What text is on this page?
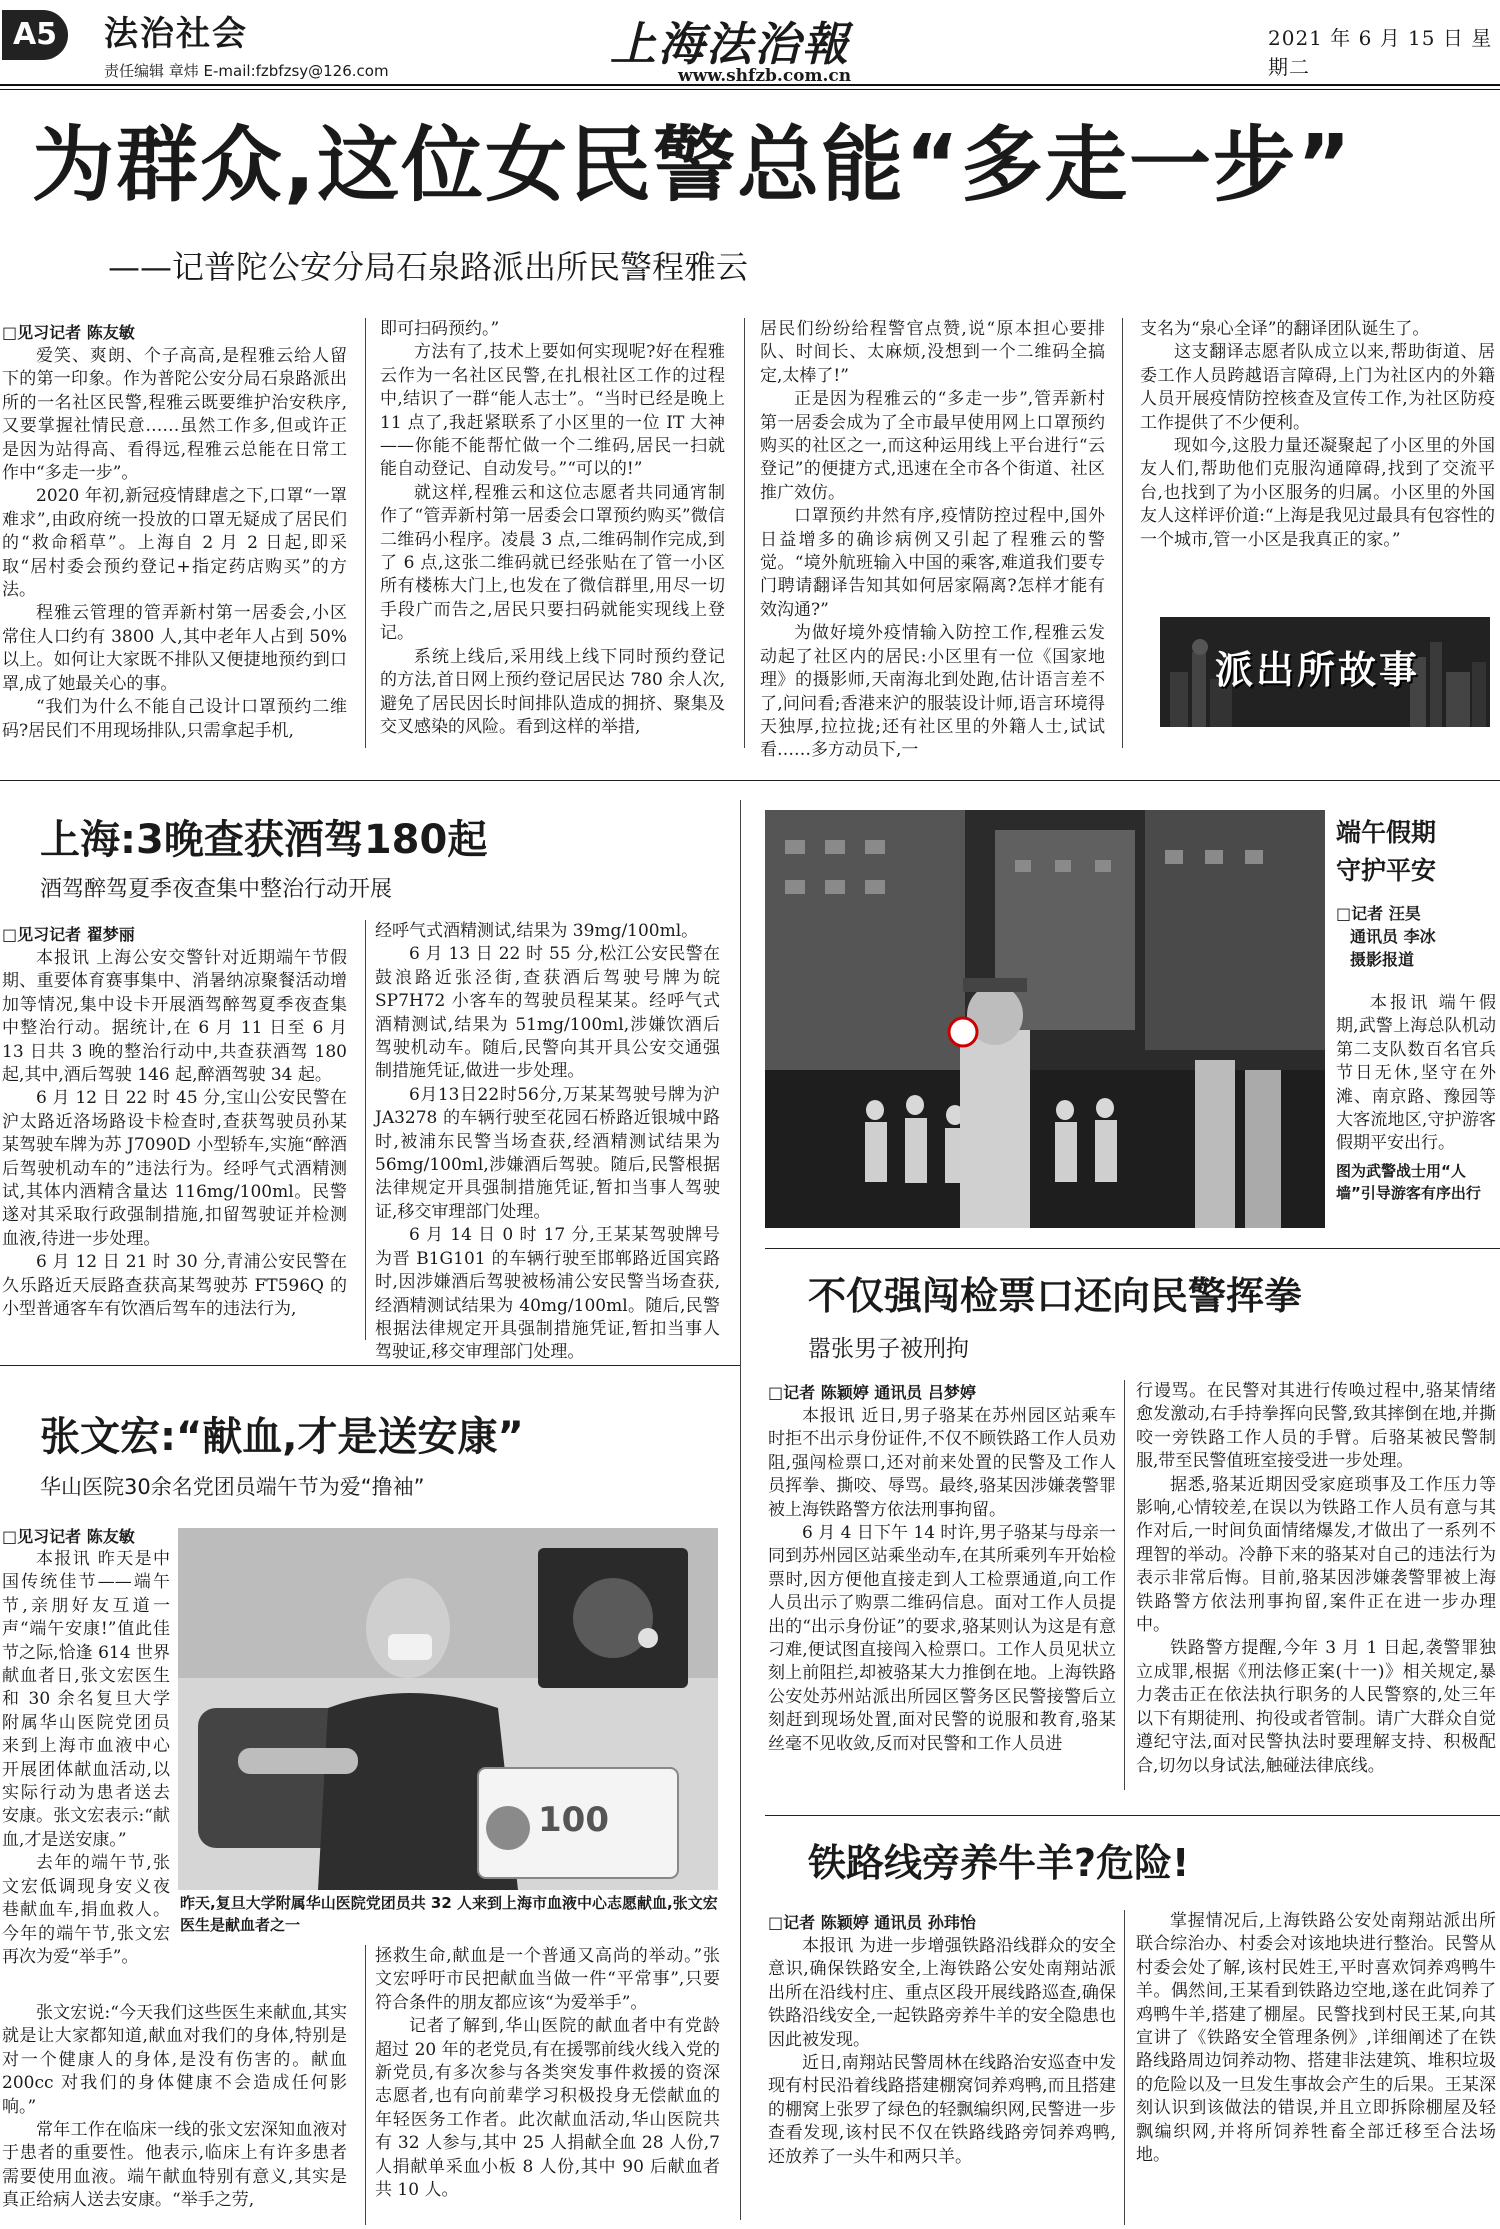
A5	法治社会
责任编辑 章炜 E-mail:fzbfzsy@126.com	上海法治報
www.shfzb.com.cn
2021 年 6 月 15 日 星期二
为群众,这位女民警总能“多走一步”
——记普陀公安分局石泉路派出所民警程雅云
□见习记者 陈友敏

爱笑、爽朗、个子高高,是程雅云给人留下的第一印象。作为普陀公安分局石泉路派出所的一名社区民警,程雅云既要维护治安秩序,又要掌握社情民意……虽然工作多,但或许正是因为站得高、看得远,程雅云总能在日常工作中“多走一步”。

2020 年初,新冠疫情肆虐之下,口罩“一罩难求”,由政府统一投放的口罩无疑成了居民们的“救命稻草”。上海自 2 月 2 日起,即采取“居村委会预约登记+指定药店购买”的方法。

程雅云管理的管弄新村第一居委会,小区常住人口约有 3800 人,其中老年人占到 50%以上。如何让大家既不排队又便捷地预约到口罩,成了她最关心的事。

“我们为什么不能自己设计口罩预约二维码?居民们不用现场排队,只需拿起手机,

即可扫码预约。”

方法有了,技术上要如何实现呢?好在程雅云作为一名社区民警,在扎根社区工作的过程中,结识了一群“能人志士”。“当时已经是晚上 11 点了,我赶紧联系了小区里的一位 IT 大神——你能不能帮忙做一个二维码,居民一扫就能自动登记、自动发号。”“可以的!”

就这样,程雅云和这位志愿者共同通宵制作了“管弄新村第一居委会口罩预约购买”微信二维码小程序。凌晨 3 点,二维码制作完成,到了 6 点,这张二维码就已经张贴在了管一小区所有楼栋大门上,也发在了微信群里,用尽一切手段广而告之,居民只要扫码就能实现线上登记。

系统上线后,采用线上线下同时预约登记的方法,首日网上预约登记居民达 780 余人次,避免了居民因长时间排队造成的拥挤、聚集及交叉感染的风险。看到这样的举措,

居民们纷纷给程警官点赞,说“原本担心要排队、时间长、太麻烦,没想到一个二维码全搞定,太棒了!”

正是因为程雅云的“多走一步”,管弄新村第一居委会成为了全市最早使用网上口罩预约购买的社区之一,而这种运用线上平台进行“云登记”的便捷方式,迅速在全市各个街道、社区推广效仿。

口罩预约井然有序,疫情防控过程中,国外日益增多的确诊病例又引起了程雅云的警觉。“境外航班输入中国的乘客,难道我们要专门聘请翻译告知其如何居家隔离?怎样才能有效沟通?”

为做好境外疫情输入防控工作,程雅云发动起了社区内的居民:小区里有一位《国家地理》的摄影师,天南海北到处跑,估计语言差不了,问问看;香港来沪的服装设计师,语言环境得天独厚,拉拉拢;还有社区里的外籍人士,试试看……多方动员下,一

支名为“泉心全译”的翻译团队诞生了。

这支翻译志愿者队成立以来,帮助街道、居委工作人员跨越语言障碍,上门为社区内的外籍人员开展疫情防控核查及宣传工作,为社区防疫工作提供了不少便利。

现如今,这股力量还凝聚起了小区里的外国友人们,帮助他们克服沟通障碍,找到了交流平台,也找到了为小区服务的归属。小区里的外国友人这样评价道:“上海是我见过最具有包容性的一个城市,管一小区是我真正的家。”

派出所故事
上海:3晚查获酒驾180起
酒驾醉驾夏季夜查集中整治行动开展
□见习记者 翟梦丽

本报讯 上海公安交警针对近期端午节假期、重要体育赛事集中、消暑纳凉聚餐活动增加等情况,集中设卡开展酒驾醉驾夏季夜查集中整治行动。据统计,在 6 月 11 日至 6 月 13 日共 3 晚的整治行动中,共查获酒驾 180 起,其中,酒后驾驶 146 起,醉酒驾驶 34 起。

6 月 12 日 22 时 45 分,宝山公安民警在沪太路近洛场路设卡检查时,查获驾驶员孙某某驾驶车牌为苏 J7090D 小型轿车,实施“醉酒后驾驶机动车的”违法行为。经呼气式酒精测试,其体内酒精含量达 116mg/100ml。民警遂对其采取行政强制措施,扣留驾驶证并检测血液,待进一步处理。

6 月 12 日 21 时 30 分,青浦公安民警在久乐路近天辰路查获高某驾驶苏 FT596Q 的小型普通客车有饮酒后驾车的违法行为,

经呼气式酒精测试,结果为 39mg/100ml。

6 月 13 日 22 时 55 分,松江公安民警在鼓浪路近张泾街,查获酒后驾驶号牌为皖 SP7H72 小客车的驾驶员程某某。经呼气式酒精测试,结果为 51mg/100ml,涉嫌饮酒后驾驶机动车。随后,民警向其开具公安交通强制措施凭证,做进一步处理。

6月13日22时56分,万某某驾驶号牌为沪 JA3278 的车辆行驶至花园石桥路近银城中路时,被浦东民警当场查获,经酒精测试结果为 56mg/100ml,涉嫌酒后驾驶。随后,民警根据法律规定开具强制措施凭证,暂扣当事人驾驶证,移交审理部门处理。

6 月 14 日 0 时 17 分,王某某驾驶牌号为晋 B1G101 的车辆行驶至邯郸路近国宾路时,因涉嫌酒后驾驶被杨浦公安民警当场查获,经酒精测试结果为 40mg/100ml。随后,民警根据法律规定开具强制措施凭证,暂扣当事人驾驶证,移交审理部门处理。

端午假期
守护平安
□记者 汪昊
通讯员 李冰
摄影报道

本报讯 端午假期,武警上海总队机动第二支队数百名官兵节日无休,坚守在外滩、南京路、豫园等大客流地区,守护游客假期平安出行。

图为武警战士用“人墙”引导游客有序出行
不仅强闯检票口还向民警挥拳
嚣张男子被刑拘
□记者 陈颖婷 通讯员 吕梦婷

本报讯 近日,男子骆某在苏州园区站乘车时拒不出示身份证件,不仅不顾铁路工作人员劝阻,强闯检票口,还对前来处置的民警及工作人员挥拳、撕咬、辱骂。最终,骆某因涉嫌袭警罪被上海铁路警方依法刑事拘留。

6 月 4 日下午 14 时许,男子骆某与母亲一同到苏州园区站乘坐动车,在其所乘列车开始检票时,因方便他直接走到人工检票通道,向工作人员出示了购票二维码信息。面对工作人员提出的“出示身份证”的要求,骆某则认为这是有意刁难,便试图直接闯入检票口。工作人员见状立刻上前阻拦,却被骆某大力推倒在地。上海铁路公安处苏州站派出所园区警务区民警接警后立刻赶到现场处置,面对民警的说服和教育,骆某丝毫不见收敛,反而对民警和工作人员进

行谩骂。在民警对其进行传唤过程中,骆某情绪愈发激动,右手持拳挥向民警,致其摔倒在地,并撕咬一旁铁路工作人员的手臂。后骆某被民警制服,带至民警值班室接受进一步处理。

据悉,骆某近期因受家庭琐事及工作压力等影响,心情较差,在误以为铁路工作人员有意与其作对后,一时间负面情绪爆发,才做出了一系列不理智的举动。冷静下来的骆某对自己的违法行为表示非常后悔。目前,骆某因涉嫌袭警罪被上海铁路警方依法刑事拘留,案件正在进一步办理中。

铁路警方提醒,今年 3 月 1 日起,袭警罪独立成罪,根据《刑法修正案(十一)》相关规定,暴力袭击正在依法执行职务的人民警察的,处三年以下有期徒刑、拘役或者管制。请广大群众自觉遵纪守法,面对民警执法时要理解支持、积极配合,切勿以身试法,触碰法律底线。

张文宏:“献血,才是送安康”
华山医院30余名党团员端午节为爱“撸袖”
□见习记者 陈友敏

本报讯 昨天是中国传统佳节——端午节,亲朋好友互道一声“端午安康!”值此佳节之际,恰逢 614 世界献血者日,张文宏医生和 30 余名复旦大学附属华山医院党团员来到上海市血液中心开展团体献血活动,以实际行动为患者送去安康。张文宏表示:“献血,才是送安康。”

去年的端午节,张文宏低调现身安义夜巷献血车,捐血救人。今年的端午节,张文宏再次为爱“举手”。

100
昨天,复旦大学附属华山医院党团员共 32 人来到上海市血液中心志愿献血,张文宏医生是献血者之一

张文宏说:“今天我们这些医生来献血,其实就是让大家都知道,献血对我们的身体,特别是对一个健康人的身体,是没有伤害的。献血 200cc 对我们的身体健康不会造成任何影响。”

常年工作在临床一线的张文宏深知血液对于患者的重要性。他表示,临床上有许多患者需要使用血液。端午献血特别有意义,其实是真正给病人送去安康。“举手之劳,

拯救生命,献血是一个普通又高尚的举动。”张文宏呼吁市民把献血当做一件“平常事”,只要符合条件的朋友都应该“为爱举手”。

记者了解到,华山医院的献血者中有党龄超过 20 年的老党员,有在援鄂前线火线入党的新党员,有多次参与各类突发事件救援的资深志愿者,也有向前辈学习积极投身无偿献血的年轻医务工作者。此次献血活动,华山医院共有 32 人参与,其中 25 人捐献全血 28 人份,7 人捐献单采血小板 8 人份,其中 90 后献血者共 10 人。

铁路线旁养牛羊?危险!
□记者 陈颖婷 通讯员 孙玮怡

本报讯 为进一步增强铁路沿线群众的安全意识,确保铁路安全,上海铁路公安处南翔站派出所在沿线村庄、重点区段开展线路巡查,确保铁路沿线安全,一起铁路旁养牛羊的安全隐患也因此被发现。

近日,南翔站民警周林在线路治安巡查中发现有村民沿着线路搭建棚窝饲养鸡鸭,而且搭建的棚窝上张罗了绿色的轻飘编织网,民警进一步查看发现,该村民不仅在铁路线路旁饲养鸡鸭,还放养了一头牛和两只羊。

掌握情况后,上海铁路公安处南翔站派出所联合综治办、村委会对该地块进行整治。民警从村委会处了解,该村民姓王,平时喜欢饲养鸡鸭牛羊。偶然间,王某看到铁路边空地,遂在此饲养了鸡鸭牛羊,搭建了棚屋。民警找到村民王某,向其宣讲了《铁路安全管理条例》,详细阐述了在铁路线路周边饲养动物、搭建非法建筑、堆积垃圾的危险以及一旦发生事故会产生的后果。王某深刻认识到该做法的错误,并且立即拆除棚屋及轻飘编织网,并将所饲养牲畜全部迁移至合法场地。
